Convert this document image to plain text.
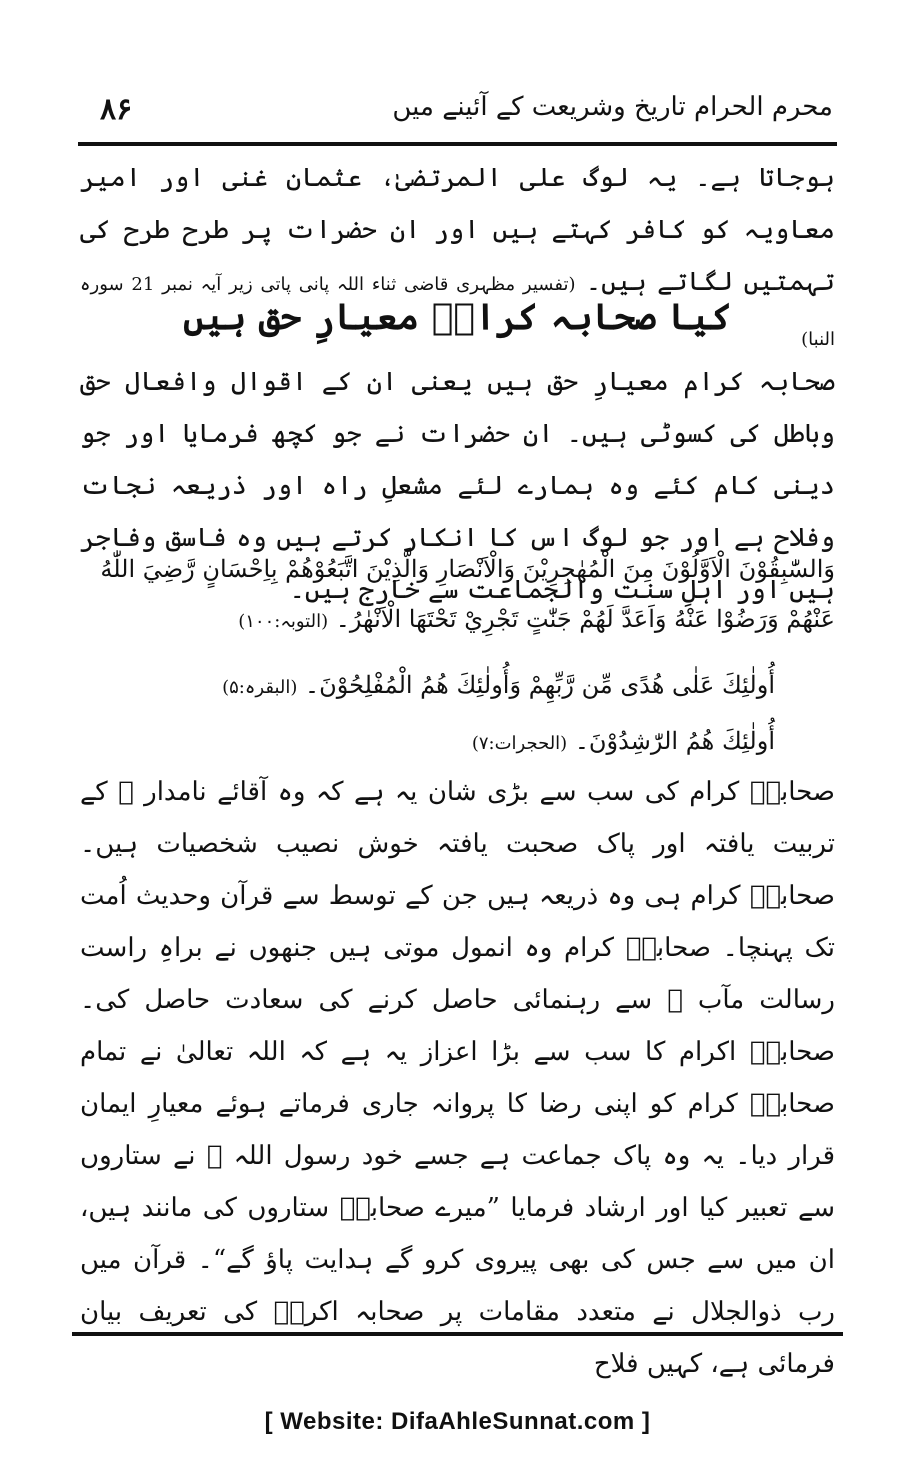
۸۶	محرم الحرام تاریخ وشریعت کے آئینے میں
ہوجاتا ہے۔ یہ لوگ علی المرتضیٰ، عثمان غنی اور امیر معاویہ کو کافر کہتے ہیں اور ان حضرات پر طرح طرح کی تہمتیں لگاتے ہیں۔ (تفسیر مظہری قاضی ثناء اللہ پانی پاتی زیر آیہ نمبر 21 سورہ النبا)
کیا صحابہ کرامؓ معیارِ حق ہیں
صحابہ کرام معیارِ حق ہیں یعنی ان کے اقوال وافعال حق وباطل کی کسوٹی ہیں۔ ان حضرات نے جو کچھ فرمایا اور جو دینی کام کئے وہ ہمارے لئے مشعلِ راہ اور ذریعہ نجات وفلاح ہے اور جو لوگ اس کا انکار کرتے ہیں وہ فاسق وفاجر ہیں اور اہلِ سنت والجماعت سے خارج ہیں۔
وَالسّٰبِقُوْنَ الْاَوَّلُوْنَ مِنَ الْمُهٰجِرِيْنَ وَالْاَنْصَارِ وَالَّذِيْنَ اتَّبَعُوْهُمْ بِاِحْسَانٍ رَّضِيَ اللّٰهُ عَنْهُمْ وَرَضُوْا عَنْهُ وَاَعَدَّ لَهُمْ جَنّٰتٍ تَجْرِيْ تَحْتَهَا الْاَنْهٰرُ۔ (التوبہ:۱۰۰)
أُولٰئِكَ عَلٰى هُدًى مِّن رَّبِّهِمْ وَأُولٰئِكَ هُمُ الْمُفْلِحُوْنَ۔ (البقرہ:۵)
أُولٰئِكَ هُمُ الرّٰشِدُوْنَ۔ (الحجرات:۷)
صحابہؓ کرام کی سب سے بڑی شان یہ ہے کہ وہ آقائے نامدار ﷺ کے تربیت یافتہ اور پاک صحبت یافتہ خوش نصیب شخصیات ہیں۔ صحابہؓ کرام ہی وہ ذریعہ ہیں جن کے توسط سے قرآن وحدیث اُمت تک پہنچا۔ صحابہؓ کرام وہ انمول موتی ہیں جنھوں نے براہِ راست رسالت مآب ﷺ سے رہنمائی حاصل کرنے کی سعادت حاصل کی۔ صحابہؓ اکرام کا سب سے بڑا اعزاز یہ ہے کہ اللہ تعالیٰ نے تمام صحابہؓ کرام کو اپنی رضا کا پروانہ جاری فرماتے ہوئے معیارِ ایمان قرار دیا۔ یہ وہ پاک جماعت ہے جسے خود رسول اللہ ﷺ نے ستاروں سے تعبیر کیا اور ارشاد فرمایا ”میرے صحابہؓ ستاروں کی مانند ہیں، ان میں سے جس کی بھی پیروی کرو گے ہدایت پاؤ گے“۔ قرآن میں رب ذوالجلال نے متعدد مقامات پر صحابہ اکرمؓ کی تعریف بیان فرمائی ہے، کہیں فلاح
[ Website: DifaAhleSunnat.com ]
